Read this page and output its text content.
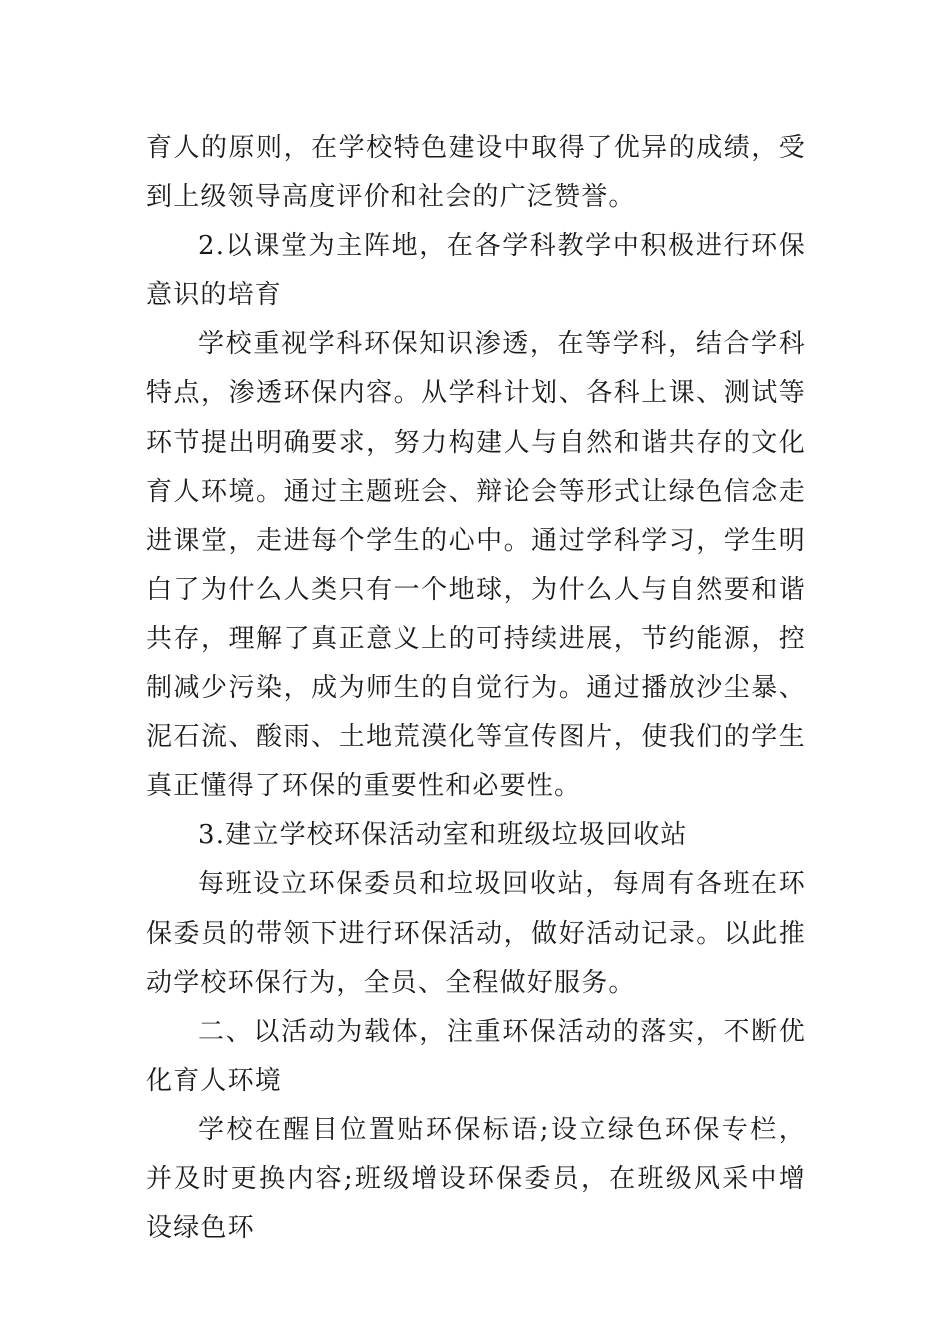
育人的原则，在学校特色建设中取得了优异的成绩，受到上级领导高度评价和社会的广泛赞誉。

2.以课堂为主阵地，在各学科教学中积极进行环保意识的培育

学校重视学科环保知识渗透，在等学科，结合学科特点，渗透环保内容。从学科计划、各科上课、测试等环节提出明确要求，努力构建人与自然和谐共存的文化育人环境。通过主题班会、辩论会等形式让绿色信念走进课堂，走进每个学生的心中。通过学科学习，学生明白了为什么人类只有一个地球，为什么人与自然要和谐共存，理解了真正意义上的可持续进展，节约能源，控制减少污染，成为师生的自觉行为。通过播放沙尘暴、泥石流、酸雨、土地荒漠化等宣传图片，使我们的学生真正懂得了环保的重要性和必要性。

3.建立学校环保活动室和班级垃圾回收站

每班设立环保委员和垃圾回收站，每周有各班在环保委员的带领下进行环保活动，做好活动记录。以此推动学校环保行为，全员、全程做好服务。

二、以活动为载体，注重环保活动的落实，不断优化育人环境

学校在醒目位置贴环保标语;设立绿色环保专栏，并及时更换内容;班级增设环保委员，在班级风采中增设绿色环
